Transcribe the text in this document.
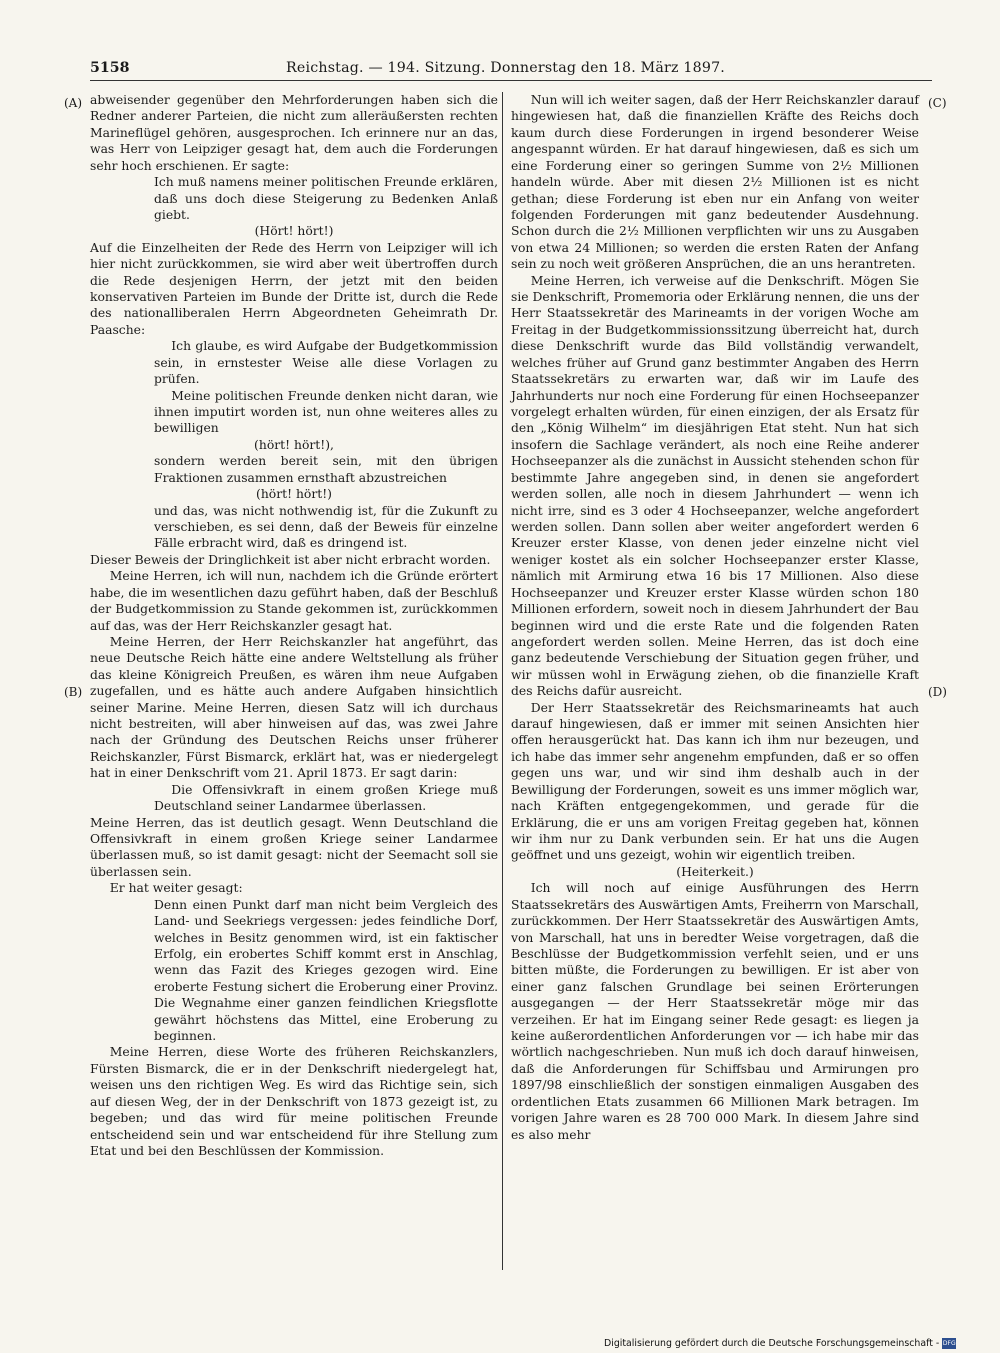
5158	Reichstag. — 194. Sitzung. Donnerstag den 18. März 1897.
(A)
(B)
(C)
(D)

abweisender gegenüber den Mehrforderungen haben sich die Redner anderer Parteien, die nicht zum alleräußersten rechten Marineflügel gehören, ausgesprochen. Ich erinnere nur an das, was Herr von Leipziger gesagt hat, dem auch die Forderungen sehr hoch erschienen. Er sagte:

Ich muß namens meiner politischen Freunde erklären, daß uns doch diese Steigerung zu Bedenken Anlaß giebt.

(Hört! hört!)

Auf die Einzelheiten der Rede des Herrn von Leipziger will ich hier nicht zurückkommen, sie wird aber weit übertroffen durch die Rede desjenigen Herrn, der jetzt mit den beiden konservativen Parteien im Bunde der Dritte ist, durch die Rede des nationalliberalen Herrn Abgeordneten Geheimrath Dr. Paasche:

Ich glaube, es wird Aufgabe der Budgetkommission sein, in ernstester Weise alle diese Vorlagen zu prüfen.

Meine politischen Freunde denken nicht daran, wie ihnen imputirt worden ist, nun ohne weiteres alles zu bewilligen

(hört! hört!),

sondern werden bereit sein, mit den übrigen Fraktionen zusammen ernsthaft abzustreichen

(hört! hört!)

und das, was nicht nothwendig ist, für die Zukunft zu verschieben, es sei denn, daß der Beweis für einzelne Fälle erbracht wird, daß es dringend ist.

Dieser Beweis der Dringlichkeit ist aber nicht erbracht worden.

Meine Herren, ich will nun, nachdem ich die Gründe erörtert habe, die im wesentlichen dazu geführt haben, daß der Beschluß der Budgetkommission zu Stande gekommen ist, zurückkommen auf das, was der Herr Reichskanzler gesagt hat.

Meine Herren, der Herr Reichskanzler hat angeführt, das neue Deutsche Reich hätte eine andere Weltstellung als früher das kleine Königreich Preußen, es wären ihm neue Aufgaben zugefallen, und es hätte auch andere Aufgaben hinsichtlich seiner Marine. Meine Herren, diesen Satz will ich durchaus nicht bestreiten, will aber hinweisen auf das, was zwei Jahre nach der Gründung des Deutschen Reichs unser früherer Reichskanzler, Fürst Bismarck, erklärt hat, was er niedergelegt hat in einer Denkschrift vom 21. April 1873. Er sagt darin:

Die Offensivkraft in einem großen Kriege muß Deutschland seiner Landarmee überlassen.

Meine Herren, das ist deutlich gesagt. Wenn Deutschland die Offensivkraft in einem großen Kriege seiner Landarmee überlassen muß, so ist damit gesagt: nicht der Seemacht soll sie überlassen sein.

Er hat weiter gesagt:

Denn einen Punkt darf man nicht beim Vergleich des Land- und Seekriegs vergessen: jedes feindliche Dorf, welches in Besitz genommen wird, ist ein faktischer Erfolg, ein erobertes Schiff kommt erst in Anschlag, wenn das Fazit des Krieges gezogen wird. Eine eroberte Festung sichert die Eroberung einer Provinz. Die Wegnahme einer ganzen feindlichen Kriegsflotte gewährt höchstens das Mittel, eine Eroberung zu beginnen.

Meine Herren, diese Worte des früheren Reichskanzlers, Fürsten Bismarck, die er in der Denkschrift niedergelegt hat, weisen uns den richtigen Weg. Es wird das Richtige sein, sich auf diesen Weg, der in der Denkschrift von 1873 gezeigt ist, zu begeben; und das wird für meine politischen Freunde entscheidend sein und war entscheidend für ihre Stellung zum Etat und bei den Beschlüssen der Kommission.

Nun will ich weiter sagen, daß der Herr Reichskanzler darauf hingewiesen hat, daß die finanziellen Kräfte des Reichs doch kaum durch diese Forderungen in irgend besonderer Weise angespannt würden. Er hat darauf hingewiesen, daß es sich um eine Forderung einer so geringen Summe von 2½ Millionen handeln würde. Aber mit diesen 2½ Millionen ist es nicht gethan; diese Forderung ist eben nur ein Anfang von weiter folgenden Forderungen mit ganz bedeutender Ausdehnung. Schon durch die 2½ Millionen verpflichten wir uns zu Ausgaben von etwa 24 Millionen; so werden die ersten Raten der Anfang sein zu noch weit größeren Ansprüchen, die an uns herantreten.

Meine Herren, ich verweise auf die Denkschrift. Mögen Sie sie Denkschrift, Promemoria oder Erklärung nennen, die uns der Herr Staatssekretär des Marineamts in der vorigen Woche am Freitag in der Budgetkommissionssitzung überreicht hat, durch diese Denkschrift wurde das Bild vollständig verwandelt, welches früher auf Grund ganz bestimmter Angaben des Herrn Staatssekretärs zu erwarten war, daß wir im Laufe des Jahrhunderts nur noch eine Forderung für einen Hochseepanzer vorgelegt erhalten würden, für einen einzigen, der als Ersatz für den „König Wilhelm“ im diesjährigen Etat steht. Nun hat sich insofern die Sachlage verändert, als noch eine Reihe anderer Hochseepanzer als die zunächst in Aussicht stehenden schon für bestimmte Jahre angegeben sind, in denen sie angefordert werden sollen, alle noch in diesem Jahrhundert — wenn ich nicht irre, sind es 3 oder 4 Hochseepanzer, welche angefordert werden sollen. Dann sollen aber weiter angefordert werden 6 Kreuzer erster Klasse, von denen jeder einzelne nicht viel weniger kostet als ein solcher Hochseepanzer erster Klasse, nämlich mit Armirung etwa 16 bis 17 Millionen. Also diese Hochseepanzer und Kreuzer erster Klasse würden schon 180 Millionen erfordern, soweit noch in diesem Jahrhundert der Bau beginnen wird und die erste Rate und die folgenden Raten angefordert werden sollen. Meine Herren, das ist doch eine ganz bedeutende Verschiebung der Situation gegen früher, und wir müssen wohl in Erwägung ziehen, ob die finanzielle Kraft des Reichs dafür ausreicht.

Der Herr Staatssekretär des Reichsmarineamts hat auch darauf hingewiesen, daß er immer mit seinen Ansichten hier offen herausgerückt hat. Das kann ich ihm nur bezeugen, und ich habe das immer sehr angenehm empfunden, daß er so offen gegen uns war, und wir sind ihm deshalb auch in der Bewilligung der Forderungen, soweit es uns immer möglich war, nach Kräften entgegengekommen, und gerade für die Erklärung, die er uns am vorigen Freitag gegeben hat, können wir ihm nur zu Dank verbunden sein. Er hat uns die Augen geöffnet und uns gezeigt, wohin wir eigentlich treiben.

(Heiterkeit.)

Ich will noch auf einige Ausführungen des Herrn Staatssekretärs des Auswärtigen Amts, Freiherrn von Marschall, zurückkommen. Der Herr Staatssekretär des Auswärtigen Amts, von Marschall, hat uns in beredter Weise vorgetragen, daß die Beschlüsse der Budgetkommission verfehlt seien, und er uns bitten müßte, die Forderungen zu bewilligen. Er ist aber von einer ganz falschen Grundlage bei seinen Erörterungen ausgegangen — der Herr Staatssekretär möge mir das verzeihen. Er hat im Eingang seiner Rede gesagt: es liegen ja keine außerordentlichen Anforderungen vor — ich habe mir das wörtlich nachgeschrieben. Nun muß ich doch darauf hinweisen, daß die Anforderungen für Schiffsbau und Armirungen pro 1897/98 einschließlich der sonstigen einmaligen Ausgaben des ordentlichen Etats zusammen 66 Millionen Mark betragen. Im vorigen Jahre waren es 28 700 000 Mark. In diesem Jahre sind es also mehr

Digitalisierung gefördert durch die Deutsche Forschungsgemeinschaft - DFG
